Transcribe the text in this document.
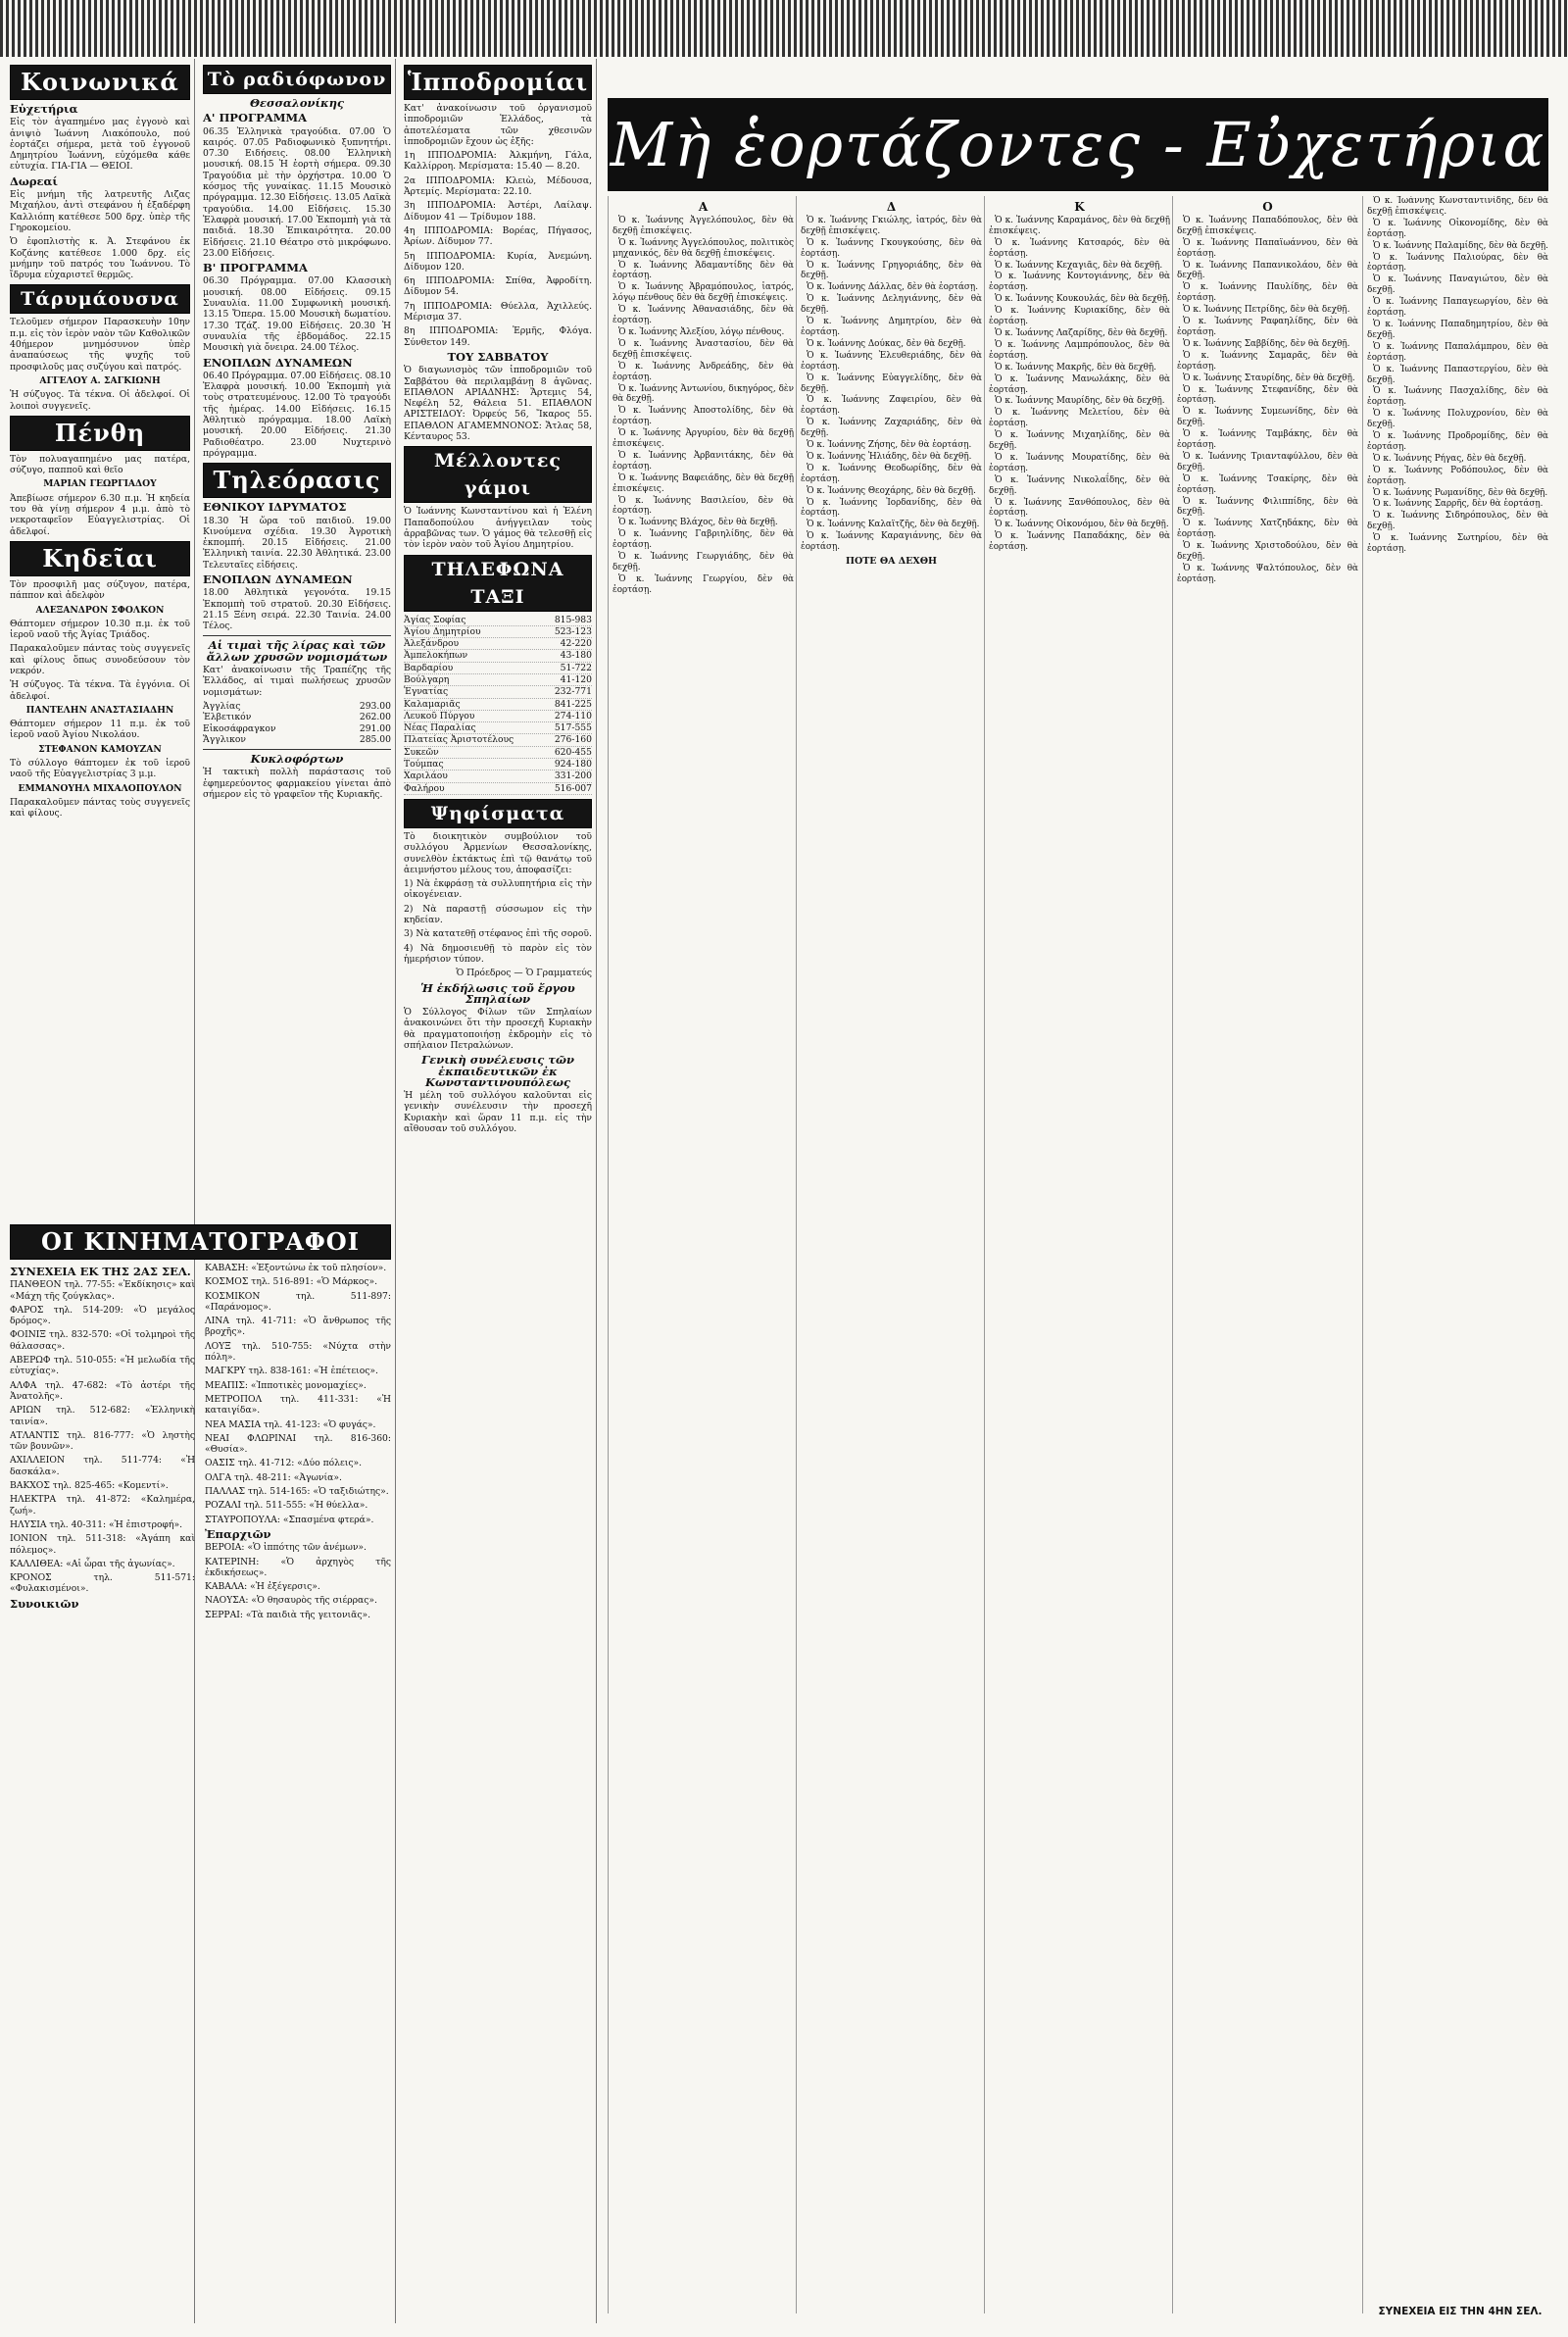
Κοινωνικά
Εὐχετήρια

Εἰς τὸν ἀγαπημένο μας ἐγγονὸ καὶ ἀνιψιὸ Ἰωάννη Λιακόπουλο, πού ἑορτάζει σήμερα, μετὰ τοῦ ἐγγονοῦ Δημητρίου Ἰωάννη, εὐχόμεθα κάθε εὐτυχία. ΓΙΑ-ΓΙΑ — ΘΕΙΟΙ.

Δωρεαί

Εἰς μνήμη τῆς λατρευτῆς Λιζας Μιχαήλου, ἀντὶ στεφάνου ἡ ἐξαδέρφη Καλλιόπη κατέθεσε 500 δρχ. ὑπὲρ τῆς Γηροκομείου.

Ὁ ἐφοπλιστὴς κ. Ἀ. Στεφάνου ἐκ Κοζάνης κατέθεσε 1.000 δρχ. εἰς μνήμην τοῦ πατρός του Ἰωάννου. Τὸ ἴδρυμα εὐχαριστεῖ θερμῶς.

Τάρυμάουσνα

Τελοῦμεν σήμερον Παρασκευὴν 10ην π.μ. εἰς τὸν ἱερὸν ναὸν τῶν Καθολικῶν 40ήμερον μνημόσυνον ὑπὲρ ἀναπαύσεως τῆς ψυχῆς τοῦ προσφιλοῦς μας συζύγου καὶ πατρός.

ΑΓΓΕΛΟΥ Α. ΣΑΓΚΙΩΝΗ

Ἡ σύζυγος. Τὰ τέκνα. Οἱ ἀδελφοί. Οἱ λοιποὶ συγγενεῖς.

Πένθη

Τὸν πολυαγαπημένο μας πατέρα, σύζυγο, παπποῦ καὶ θεῖο

ΜΑΡΙΑΝ ΓΕΩΡΓΙΑΔΟΥ

Ἀπεβίωσε σήμερον 6.30 π.μ. Ἡ κηδεία του θὰ γίνῃ σήμερον 4 μ.μ. ἀπὸ τὸ νεκροταφεῖον Εὐαγγελιστρίας. Οἱ ἀδελφοί.

Κηδεῖαι

Τὸν προσφιλῆ μας σύζυγον, πατέρα, πάππον καὶ ἀδελφὸν

ΑΛΕΞΑΝΔΡΟΝ ΣΦΟΛΚΟΝ

Θάπτομεν σήμερον 10.30 π.μ. ἐκ τοῦ ἱεροῦ ναοῦ τῆς Ἁγίας Τριάδος.

Παρακαλοῦμεν πάντας τοὺς συγγενεῖς καὶ φίλους ὅπως συνοδεύσουν τὸν νεκρόν.

Ἡ σύζυγος. Τὰ τέκνα. Τὰ ἐγγόνια. Οἱ ἀδελφοί.

ΠΑΝΤΕΛΗΝ ΑΝΑΣΤΑΣΙΑΔΗΝ

Θάπτομεν σήμερον 11 π.μ. ἐκ τοῦ ἱεροῦ ναοῦ Ἁγίου Νικολάου.

ΣΤΕΦΑΝΟΝ ΚΑΜΟΥΖΑΝ

Τὸ σύλλογο θάπτομεν ἐκ τοῦ ἱεροῦ ναοῦ τῆς Εὐαγγελιστρίας 3 μ.μ.

ΕΜΜΑΝΟΥΗΛ ΜΙΧΑΛΟΠΟΥΛΟΝ

Παρακαλοῦμεν πάντας τοὺς συγγενεῖς καὶ φίλους.

Τὸ ραδιόφωνον
Θεσσαλονίκης
Α' ΠΡΟΓΡΑΜΜΑ

06.35 Ἑλληνικὰ τραγούδια. 07.00 Ὁ καιρός. 07.05 Ραδιοφωνικὸ ξυπνητήρι. 07.30 Ειδήσεις. 08.00 Ἑλληνικὴ μουσική. 08.15 Ἡ ἑορτὴ σήμερα. 09.30 Τραγούδια μὲ τὴν ὀρχήστρα. 10.00 Ὁ κόσμος τῆς γυναίκας. 11.15 Μουσικὸ πρόγραμμα. 12.30 Εἰδήσεις. 13.05 Λαϊκὰ τραγούδια. 14.00 Εἰδήσεις. 15.30 Ἑλαφρὰ μουσική. 17.00 Ἐκπομπὴ γιὰ τὰ παιδιά. 18.30 Ἐπικαιρότητα. 20.00 Εἰδήσεις. 21.10 Θέατρο στὸ μικρόφωνο. 23.00 Εἰδήσεις.

Β' ΠΡΟΓΡΑΜΜΑ

06.30 Πρόγραμμα. 07.00 Κλασσικὴ μουσική. 08.00 Εἰδήσεις. 09.15 Συναυλία. 11.00 Συμφωνικὴ μουσική. 13.15 Ὄπερα. 15.00 Μουσικὴ δωματίου. 17.30 Τζάζ. 19.00 Εἰδήσεις. 20.30 Ἡ συναυλία τῆς ἑβδομάδος. 22.15 Μουσικὴ γιὰ ὄνειρα. 24.00 Τέλος.

ΕΝΟΠΛΩΝ ΔΥΝΑΜΕΩΝ

06.40 Πρόγραμμα. 07.00 Εἰδήσεις. 08.10 Ἑλαφρὰ μουσική. 10.00 Ἐκπομπὴ γιὰ τοὺς στρατευμένους. 12.00 Τὸ τραγούδι τῆς ἡμέρας. 14.00 Εἰδήσεις. 16.15 Ἀθλητικὸ πρόγραμμα. 18.00 Λαϊκὴ μουσική. 20.00 Εἰδήσεις. 21.30 Ραδιοθέατρο. 23.00 Νυχτερινὸ πρόγραμμα.

Τηλεόρασις
ΕΘΝΙΚΟΥ ΙΔΡΥΜΑΤΟΣ

18.30 Ἡ ὥρα τοῦ παιδιοῦ. 19.00 Κινούμενα σχέδια. 19.30 Ἀγροτικὴ ἐκπομπή. 20.15 Εἰδήσεις. 21.00 Ἑλληνικὴ ταινία. 22.30 Ἀθλητικά. 23.00 Τελευταῖες εἰδήσεις.

ΕΝΟΠΛΩΝ ΔΥΝΑΜΕΩΝ

18.00 Ἀθλητικὰ γεγονότα. 19.15 Ἐκπομπὴ τοῦ στρατοῦ. 20.30 Εἰδήσεις. 21.15 Ξένη σειρά. 22.30 Ταινία. 24.00 Τέλος.

Αἱ τιμαὶ τῆς λίρας καὶ τῶν ἄλλων χρυσῶν νομισμάτων

Κατ' ἀνακοίνωσιν τῆς Τραπέζης τῆς Ἑλλάδος, αἱ τιμαὶ πωλήσεως χρυσῶν νομισμάτων:

Ἀγγλίας	293.00
Ἐλβετικόν	262.00
Εἰκοσάφραγκον	291.00
Ἄγγλικον	285.00
Κυκλοφόρτων

Ἡ τακτικὴ πολλὴ παράστασις τοῦ ἐφημερεύοντος φαρμακείου γίνεται ἀπὸ σήμερον εἰς τὸ γραφεῖον τῆς Κυριακῆς.

Ἱπποδρομίαι

Κατ' ἀνακοίνωσιν τοῦ ὀργανισμοῦ ἱπποδρομιῶν Ἑλλάδος, τὰ ἀποτελέσματα τῶν χθεσινῶν ἱπποδρομιῶν ἔχουν ὡς ἑξῆς:

1η ΙΠΠΟΔΡΟΜΙΑ: Ἀλκμήνη, Γάλα, Καλλίρροη. Μερίσματα: 15.40 — 8.20.

2α ΙΠΠΟΔΡΟΜΙΑ: Κλειὼ, Μέδουσα, Ἀρτεμίς. Μερίσματα: 22.10.

3η ΙΠΠΟΔΡΟΜΙΑ: Ἀστέρι, Λαίλαψ. Δίδυμον 41 — Τρίδυμον 188.

4η ΙΠΠΟΔΡΟΜΙΑ: Βορέας, Πήγασος, Ἀρίων. Δίδυμον 77.

5η ΙΠΠΟΔΡΟΜΙΑ: Κυρία, Ἀνεμώνη. Δίδυμον 120.

6η ΙΠΠΟΔΡΟΜΙΑ: Σπίθα, Ἀφροδίτη. Δίδυμον 54.

7η ΙΠΠΟΔΡΟΜΙΑ: Θύελλα, Ἀχιλλεύς. Μέρισμα 37.

8η ΙΠΠΟΔΡΟΜΙΑ: Ἑρμῆς, Φλόγα. Σύνθετον 149.

ΤΟΥ ΣΑΒΒΑΤΟΥ

Ὁ διαγωνισμὸς τῶν ἱπποδρομιῶν τοῦ Σαββάτου θὰ περιλαμβάνῃ 8 ἀγῶνας. ΕΠΑΘΛΟΝ ΑΡΙΑΔΝΗΣ: Ἄρτεμις 54, Νεφέλη 52, Θάλεια 51. ΕΠΑΘΛΟΝ ΑΡΙΣΤΕΙΔΟΥ: Ὀρφεύς 56, Ἴκαρος 55. ΕΠΑΘΛΟΝ ΑΓΑΜΕΜΝΟΝΟΣ: Ἄτλας 58, Κένταυρος 53.

Μέλλοντες γάμοι

Ὁ Ἰωάννης Κωνσταντίνου καὶ ἡ Ἑλένη Παπαδοπούλου ἀνήγγειλαν τοὺς ἀρραβῶνας των. Ὁ γάμος θὰ τελεσθῇ εἰς τὸν ἱερὸν ναὸν τοῦ Ἁγίου Δημητρίου.

ΤΗΛΕΦΩΝΑ ΤΑΞΙ
Ἀγίας Σοφίας	815-983
Ἀγίου Δημητρίου	523-123
Ἀλεξάνδρου	42-220
Ἀμπελοκήπων	43-180
Βαρδαρίου	51-722
Βούλγαρη	41-120
Ἐγνατίας	232-771
Καλαμαριᾶς	841-225
Λευκοῦ Πύργου	274-110
Νέας Παραλίας	517-555
Πλατείας Ἀριστοτέλους	276-160
Συκεῶν	620-455
Τούμπας	924-180
Χαριλάου	331-200
Φαλήρου	516-007
Ψηφίσματα

Τὸ διοικητικὸν συμβούλιον τοῦ συλλόγου Ἀρμενίων Θεσσαλονίκης, συνελθὸν ἐκτάκτως ἐπὶ τῷ θανάτῳ τοῦ ἀειμνήστου μέλους του, ἀποφασίζει:

1) Νὰ ἐκφράσῃ τὰ συλλυπητήρια εἰς τὴν οἰκογένειαν.

2) Νὰ παραστῇ σύσσωμον εἰς τὴν κηδείαν.

3) Νὰ κατατεθῇ στέφανος ἐπὶ τῆς σοροῦ.

4) Νὰ δημοσιευθῇ τὸ παρὸν εἰς τὸν ἡμερήσιον τύπον.

Ὁ Πρόεδρος — Ὁ Γραμματεύς

Ἡ ἐκδήλωσις τοῦ ἔργου Σπηλαίων

Ὁ Σύλλογος Φίλων τῶν Σπηλαίων ἀνακοινώνει ὅτι τὴν προσεχῆ Κυριακὴν θὰ πραγματοποιήσῃ ἐκδρομὴν εἰς τὸ σπήλαιον Πετραλώνων.

Γενικὴ συνέλευσις τῶν ἐκπαιδευτικῶν ἐκ Κωνσταντινουπόλεως

Ἡ μέλη τοῦ συλλόγου καλοῦνται εἰς γενικὴν συνέλευσιν τὴν προσεχῆ Κυριακὴν καὶ ὥραν 11 π.μ. εἰς τὴν αἴθουσαν τοῦ συλλόγου.

ΟΙ ΚΙΝΗΜΑΤΟΓΡΑΦΟΙ
ΣΥΝΕΧΕΙΑ ΕΚ ΤΗΣ 2ΑΣ ΣΕΛ.

ΠΑΝΘΕΟΝ τηλ. 77-55: «Ἐκδίκησις» καὶ «Μάχη τῆς ζούγκλας».

ΦΑΡΟΣ τηλ. 514-209: «Ὁ μεγάλος δρόμος».

ΦΟΙΝΙΞ τηλ. 832-570: «Οἱ τολμηροὶ τῆς θάλασσας».

ΑΒΕΡΩΦ τηλ. 510-055: «Ἡ μελωδία τῆς εὐτυχίας».

ΑΛΦΑ τηλ. 47-682: «Τὸ ἀστέρι τῆς Ἀνατολῆς».

ΑΡΙΩΝ τηλ. 512-682: «Ἑλληνικὴ ταινία».

ΑΤΛΑΝΤΙΣ τηλ. 816-777: «Ὁ ληστὴς τῶν βουνῶν».

ΑΧΙΛΛΕΙΟΝ τηλ. 511-774: «Ἡ δασκάλα».

ΒΑΚΧΟΣ τηλ. 825-465: «Κομεντί».

ΗΛΕΚΤΡΑ τηλ. 41-872: «Καλημέρα, ζωή».

ΗΛΥΣΙΑ τηλ. 40-311: «Ἡ ἐπιστροφή».

ΙΟΝΙΟΝ τηλ. 511-318: «Ἀγάπη καὶ πόλεμος».

ΚΑΛΛΙΘΕΑ: «Αἱ ὧραι τῆς ἀγωνίας».

ΚΡΟΝΟΣ τηλ. 511-571: «Φυλακισμένοι».

Συνοικιῶν

ΚΑΒΑΣΗ: «Ἐξοντώνω ἐκ τοῦ πλησίον».

ΚΟΣΜΟΣ τηλ. 516-891: «Ὁ Μάρκος».

ΚΟΣΜΙΚΟΝ τηλ. 511-897: «Παράνομος».

ΛΙΝΑ τηλ. 41-711: «Ὁ ἄνθρωπος τῆς βροχῆς».

ΛΟΥΞ τηλ. 510-755: «Νύχτα στὴν πόλη».

ΜΑΓΚΡΥ τηλ. 838-161: «Ἡ ἐπέτειος».

ΜΕΑΠΙΣ: «Ἰπποτικὲς μονομαχίες».

ΜΕΤΡΟΠΟΛ τηλ. 411-331: «Ἡ καταιγίδα».

ΝΕΑ ΜΑΣΙΑ τηλ. 41-123: «Ὁ φυγάς».

ΝΕΑΙ ΦΛΩΡΙΝΑΙ τηλ. 816-360: «Θυσία».

ΟΑΣΙΣ τηλ. 41-712: «Δύο πόλεις».

ΟΛΓΑ τηλ. 48-211: «Ἀγωνία».

ΠΑΛΛΑΣ τηλ. 514-165: «Ὁ ταξιδιώτης».

ΡΟΖΑΛΙ τηλ. 511-555: «Ἡ θύελλα».

ΣΤΑΥΡΟΠΟΥΛΑ: «Σπασμένα φτερά».

Ἐπαρχιῶν

ΒΕΡΟΙΑ: «Ὁ ἰππότης τῶν ἀνέμων».

ΚΑΤΕΡΙΝΗ: «Ὁ ἀρχηγὸς τῆς ἐκδικήσεως».

ΚΑΒΑΛΑ: «Ἡ ἐξέγερσις».

ΝΑΟΥΣΑ: «Ὁ θησαυρὸς τῆς σιέρρας».

ΣΕΡΡΑΙ: «Τὰ παιδιὰ τῆς γειτονιᾶς».

Μὴ ἑορτάζοντες - Εὐχετήρια
Α

Ὁ κ. Ἰωάννης Ἀγγελόπουλος, δὲν θὰ δεχθῇ ἐπισκέψεις.

Ὁ κ. Ἰωάννης Ἀγγελόπουλος, πολιτικὸς μηχανικός, δὲν θὰ δεχθῇ ἐπισκέψεις.

Ὁ κ. Ἰωάννης Ἀδαμαντίδης δὲν θὰ ἑορτάσῃ.

Ὁ κ. Ἰωάννης Ἀβραμόπουλος, ἰατρός, λόγῳ πένθους δὲν θὰ δεχθῇ ἐπισκέψεις.

Ὁ κ. Ἰωάννης Ἀθανασιάδης, δὲν θὰ ἑορτάσῃ.

Ὁ κ. Ἰωάννης Ἀλεξίου, λόγῳ πένθους.

Ὁ κ. Ἰωάννης Ἀναστασίου, δὲν θὰ δεχθῇ ἐπισκέψεις.

Ὁ κ. Ἰωάννης Ἀνδρεάδης, δὲν θὰ ἑορτάσῃ.

Ὁ κ. Ἰωάννης Ἀντωνίου, δικηγόρος, δὲν θὰ δεχθῇ.

Ὁ κ. Ἰωάννης Ἀποστολίδης, δὲν θὰ ἑορτάσῃ.

Ὁ κ. Ἰωάννης Ἀργυρίου, δὲν θὰ δεχθῇ ἐπισκέψεις.

Ὁ κ. Ἰωάννης Ἀρβανιτάκης, δὲν θὰ ἑορτάσῃ.

Ὁ κ. Ἰωάννης Βαφειάδης, δὲν θὰ δεχθῇ ἐπισκέψεις.

Ὁ κ. Ἰωάννης Βασιλείου, δὲν θὰ ἑορτάσῃ.

Ὁ κ. Ἰωάννης Βλάχος, δὲν θὰ δεχθῇ.

Ὁ κ. Ἰωάννης Γαβριηλίδης, δὲν θὰ ἑορτάσῃ.

Ὁ κ. Ἰωάννης Γεωργιάδης, δὲν θὰ δεχθῇ.

Ὁ κ. Ἰωάννης Γεωργίου, δὲν θὰ ἑορτάσῃ.

Δ

Ὁ κ. Ἰωάννης Γκιώλης, ἰατρός, δὲν θὰ δεχθῇ ἐπισκέψεις.

Ὁ κ. Ἰωάννης Γκουγκούσης, δὲν θὰ ἑορτάσῃ.

Ὁ κ. Ἰωάννης Γρηγοριάδης, δὲν θὰ δεχθῇ.

Ὁ κ. Ἰωάννης Δάλλας, δὲν θὰ ἑορτάσῃ.

Ὁ κ. Ἰωάννης Δεληγιάννης, δὲν θὰ δεχθῇ.

Ὁ κ. Ἰωάννης Δημητρίου, δὲν θὰ ἑορτάσῃ.

Ὁ κ. Ἰωάννης Δούκας, δὲν θὰ δεχθῇ.

Ὁ κ. Ἰωάννης Ἐλευθεριάδης, δὲν θὰ ἑορτάσῃ.

Ὁ κ. Ἰωάννης Εὐαγγελίδης, δὲν θὰ δεχθῇ.

Ὁ κ. Ἰωάννης Ζαφειρίου, δὲν θὰ ἑορτάσῃ.

Ὁ κ. Ἰωάννης Ζαχαριάδης, δὲν θὰ δεχθῇ.

Ὁ κ. Ἰωάννης Ζήσης, δὲν θὰ ἑορτάσῃ.

Ὁ κ. Ἰωάννης Ἠλιάδης, δὲν θὰ δεχθῇ.

Ὁ κ. Ἰωάννης Θεοδωρίδης, δὲν θὰ ἑορτάσῃ.

Ὁ κ. Ἰωάννης Θεοχάρης, δὲν θὰ δεχθῇ.

Ὁ κ. Ἰωάννης Ἰορδανίδης, δὲν θὰ ἑορτάσῃ.

Ὁ κ. Ἰωάννης Καλαϊτζῆς, δὲν θὰ δεχθῇ.

Ὁ κ. Ἰωάννης Καραγιάννης, δὲν θὰ ἑορτάσῃ.

ΠΟΤΕ ΘΑ ΔΕΧΘΗ
Κ

Ὁ κ. Ἰωάννης Καραμάνος, δὲν θὰ δεχθῇ ἐπισκέψεις.

Ὁ κ. Ἰωάννης Κατσαρός, δὲν θὰ ἑορτάσῃ.

Ὁ κ. Ἰωάννης Κεχαγιᾶς, δὲν θὰ δεχθῇ.

Ὁ κ. Ἰωάννης Κοντογιάννης, δὲν θὰ ἑορτάσῃ.

Ὁ κ. Ἰωάννης Κουκουλάς, δὲν θὰ δεχθῇ.

Ὁ κ. Ἰωάννης Κυριακίδης, δὲν θὰ ἑορτάσῃ.

Ὁ κ. Ἰωάννης Λαζαρίδης, δὲν θὰ δεχθῇ.

Ὁ κ. Ἰωάννης Λαμπρόπουλος, δὲν θὰ ἑορτάσῃ.

Ὁ κ. Ἰωάννης Μακρῆς, δὲν θὰ δεχθῇ.

Ὁ κ. Ἰωάννης Μανωλάκης, δὲν θὰ ἑορτάσῃ.

Ὁ κ. Ἰωάννης Μαυρίδης, δὲν θὰ δεχθῇ.

Ὁ κ. Ἰωάννης Μελετίου, δὲν θὰ ἑορτάσῃ.

Ὁ κ. Ἰωάννης Μιχαηλίδης, δὲν θὰ δεχθῇ.

Ὁ κ. Ἰωάννης Μουρατίδης, δὲν θὰ ἑορτάσῃ.

Ὁ κ. Ἰωάννης Νικολαΐδης, δὲν θὰ δεχθῇ.

Ὁ κ. Ἰωάννης Ξανθόπουλος, δὲν θὰ ἑορτάσῃ.

Ὁ κ. Ἰωάννης Οἰκονόμου, δὲν θὰ δεχθῇ.

Ὁ κ. Ἰωάννης Παπαδάκης, δὲν θὰ ἑορτάσῃ.

Ο

Ὁ κ. Ἰωάννης Παπαδόπουλος, δὲν θὰ δεχθῇ ἐπισκέψεις.

Ὁ κ. Ἰωάννης Παπαϊωάννου, δὲν θὰ ἑορτάσῃ.

Ὁ κ. Ἰωάννης Παπανικολάου, δὲν θὰ δεχθῇ.

Ὁ κ. Ἰωάννης Παυλίδης, δὲν θὰ ἑορτάσῃ.

Ὁ κ. Ἰωάννης Πετρίδης, δὲν θὰ δεχθῇ.

Ὁ κ. Ἰωάννης Ραφαηλίδης, δὲν θὰ ἑορτάσῃ.

Ὁ κ. Ἰωάννης Σαββίδης, δὲν θὰ δεχθῇ.

Ὁ κ. Ἰωάννης Σαμαρᾶς, δὲν θὰ ἑορτάσῃ.

Ὁ κ. Ἰωάννης Σταυρίδης, δὲν θὰ δεχθῇ.

Ὁ κ. Ἰωάννης Στεφανίδης, δὲν θὰ ἑορτάσῃ.

Ὁ κ. Ἰωάννης Συμεωνίδης, δὲν θὰ δεχθῇ.

Ὁ κ. Ἰωάννης Ταμβάκης, δὲν θὰ ἑορτάσῃ.

Ὁ κ. Ἰωάννης Τριανταφύλλου, δὲν θὰ δεχθῇ.

Ὁ κ. Ἰωάννης Τσακίρης, δὲν θὰ ἑορτάσῃ.

Ὁ κ. Ἰωάννης Φιλιππίδης, δὲν θὰ δεχθῇ.

Ὁ κ. Ἰωάννης Χατζηδάκης, δὲν θὰ ἑορτάσῃ.

Ὁ κ. Ἰωάννης Χριστοδούλου, δὲν θὰ δεχθῇ.

Ὁ κ. Ἰωάννης Ψαλτόπουλος, δὲν θὰ ἑορτάσῃ.

Ὁ κ. Ἰωάννης Κωνσταντινίδης, δὲν θὰ δεχθῇ ἐπισκέψεις.

Ὁ κ. Ἰωάννης Οἰκονομίδης, δὲν θὰ ἑορτάσῃ.

Ὁ κ. Ἰωάννης Παλαμίδης, δὲν θὰ δεχθῇ.

Ὁ κ. Ἰωάννης Παλιούρας, δὲν θὰ ἑορτάσῃ.

Ὁ κ. Ἰωάννης Παναγιώτου, δὲν θὰ δεχθῇ.

Ὁ κ. Ἰωάννης Παπαγεωργίου, δὲν θὰ ἑορτάσῃ.

Ὁ κ. Ἰωάννης Παπαδημητρίου, δὲν θὰ δεχθῇ.

Ὁ κ. Ἰωάννης Παπαλάμπρου, δὲν θὰ ἑορτάσῃ.

Ὁ κ. Ἰωάννης Παπαστεργίου, δὲν θὰ δεχθῇ.

Ὁ κ. Ἰωάννης Πασχαλίδης, δὲν θὰ ἑορτάσῃ.

Ὁ κ. Ἰωάννης Πολυχρονίου, δὲν θὰ δεχθῇ.

Ὁ κ. Ἰωάννης Προδρομίδης, δὲν θὰ ἑορτάσῃ.

Ὁ κ. Ἰωάννης Ρήγας, δὲν θὰ δεχθῇ.

Ὁ κ. Ἰωάννης Ροδόπουλος, δὲν θὰ ἑορτάσῃ.

Ὁ κ. Ἰωάννης Ρωμανίδης, δὲν θὰ δεχθῇ.

Ὁ κ. Ἰωάννης Σαρρῆς, δὲν θὰ ἑορτάσῃ.

Ὁ κ. Ἰωάννης Σιδηρόπουλος, δὲν θὰ δεχθῇ.

Ὁ κ. Ἰωάννης Σωτηρίου, δὲν θὰ ἑορτάσῃ.

ΣΥΝΕΧΕΙΑ ΕΙΣ ΤΗΝ 4ΗΝ ΣΕΛ.
